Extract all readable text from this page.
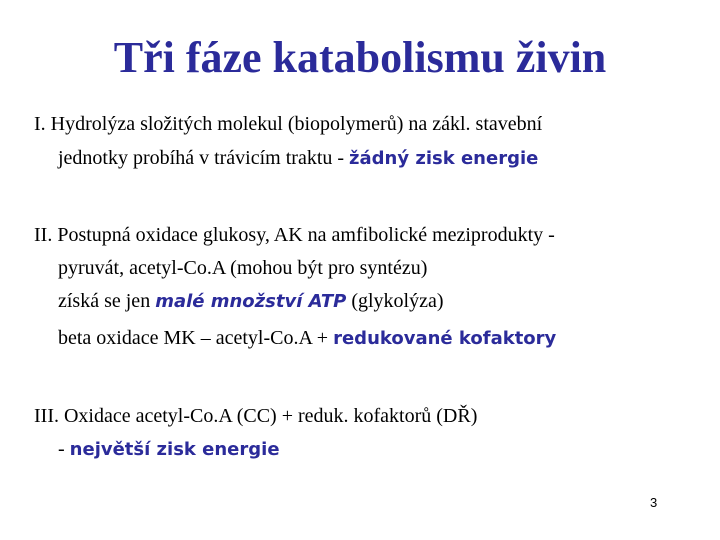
Tři fáze katabolismu živin
I. Hydrolýza složitých molekul (biopolymerů) na zákl. stavební
jednotky probíhá v trávicím traktu - žádný zisk energie
II. Postupná oxidace glukosy, AK na amfibolické meziprodukty -
pyruvát, acetyl-Co.A (mohou být pro syntézu)
získá se jen malé množství ATP (glykolýza)
beta oxidace MK – acetyl-Co.A + redukované kofaktory
III. Oxidace acetyl-Co.A (CC) + reduk. kofaktorů (DŘ)
- největší zisk energie
3
